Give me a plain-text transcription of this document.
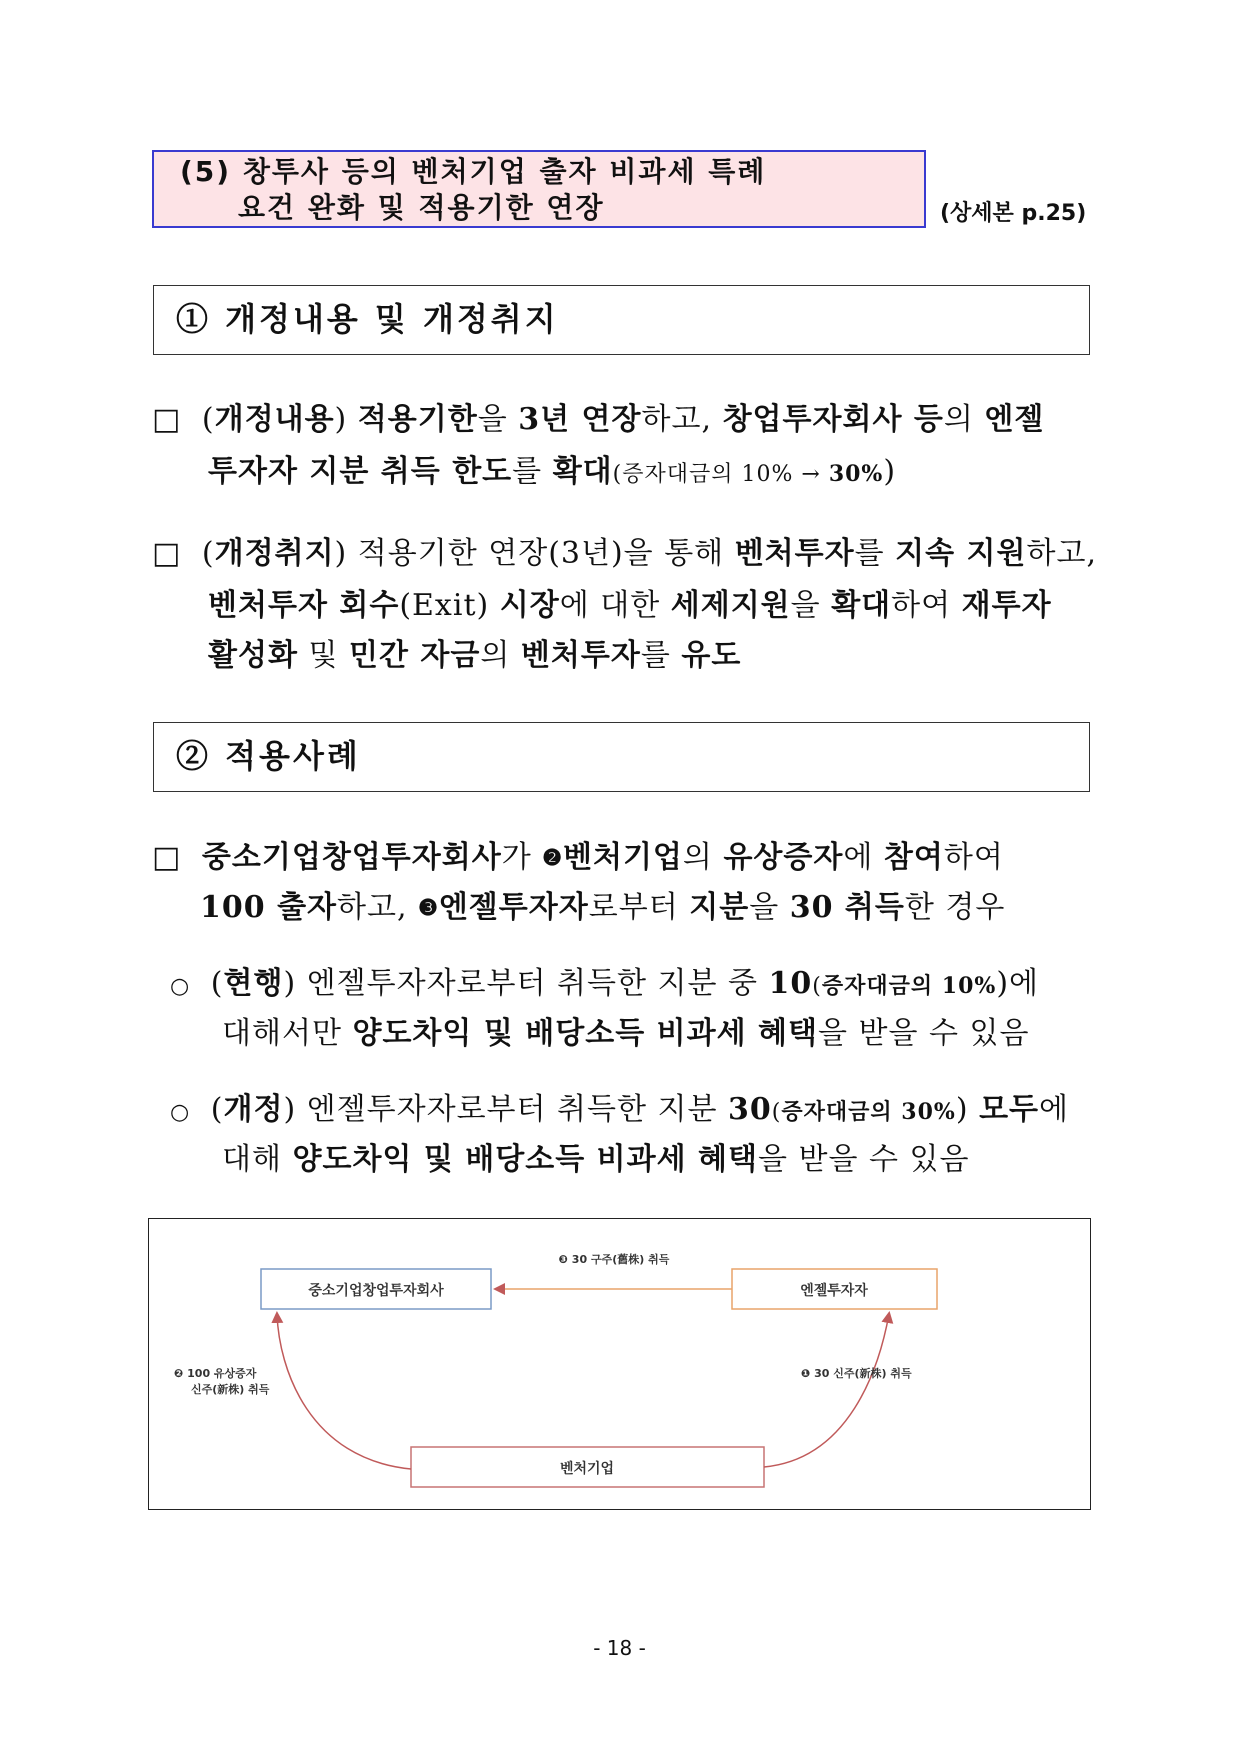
(5) 창투사 등의 벤처기업 출자 비과세 특례
요건 완화 및 적용기한 연장	(상세본 p.25)
① 개정내용 및 개정취지
□ (개정내용) 적용기한을 3년 연장하고, 창업투자회사 등의 엔젤
투자자 지분 취득 한도를 확대(증자대금의 10% → 30%)
□ (개정취지) 적용기한 연장(3년)을 통해 벤처투자를 지속 지원하고,
벤처투자 회수(Exit) 시장에 대한 세제지원을 확대하여 재투자
활성화 및 민간 자금의 벤처투자를 유도
② 적용사례
□ 중소기업창업투자회사가 $^❷$벤처기업의 유상증자에 참여하여
100 출자하고, $^❸$엔젤투자자로부터 지분을 30 취득한 경우
○ (현행) 엔젤투자자로부터 취득한 지분 중 10(증자대금의 10%)에
대해서만 양도차익 및 배당소득 비과세 혜택을 받을 수 있음
○ (개정) 엔젤투자자로부터 취득한 지분 30(증자대금의 30%) 모두에
대해 양도차익 및 배당소득 비과세 혜택을 받을 수 있음
중소기업창업투자회사	엔젤투자자
벤처기업
❸ 30 구주(舊株) 취득
❷ 100 유상증자
신주(新株) 취득
❶ 30 신주(新株) 취득
- 18 -
